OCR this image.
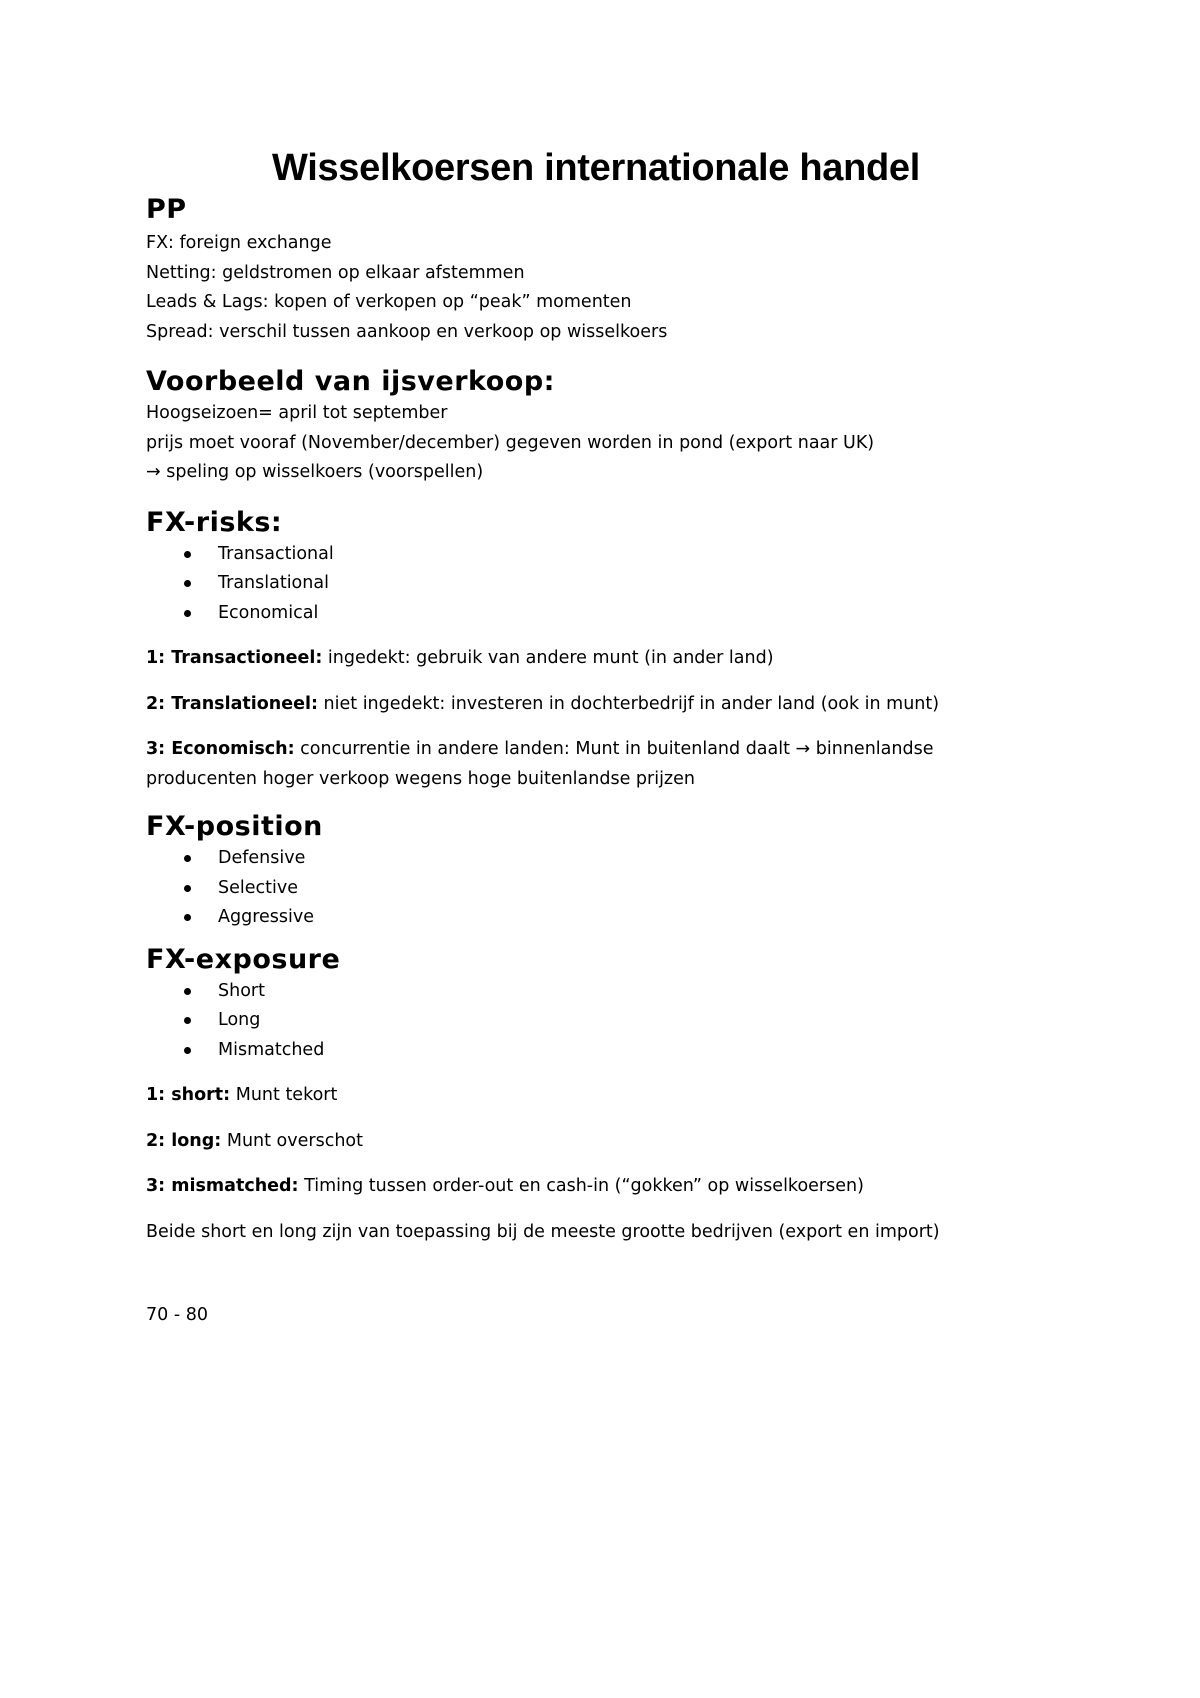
Wisselkoersen internationale handel
PP

FX: foreign exchange

Netting: geldstromen op elkaar afstemmen

Leads & Lags: kopen of verkopen op “peak” momenten

Spread: verschil tussen aankoop en verkoop op wisselkoers

Voorbeeld van ijsverkoop:

Hoogseizoen= april tot september

prijs moet vooraf (November/december) gegeven worden in pond (export naar UK)

→ speling op wisselkoers (voorspellen)

FX-risks:
Transactional
Translational
Economical

1: Transactioneel: ingedekt: gebruik van andere munt (in ander land)

2: Translationeel: niet ingedekt: investeren in dochterbedrijf in ander land (ook in munt)

3: Economisch: concurrentie in andere landen: Munt in buitenland daalt → binnenlandse producenten hoger verkoop wegens hoge buitenlandse prijzen

FX-position
Defensive
Selective
Aggressive
FX-exposure
Short
Long
Mismatched

1: short: Munt tekort

2: long: Munt overschot

3: mismatched: Timing tussen order-out en cash-in (“gokken” op wisselkoersen)

Beide short en long zijn van toepassing bij de meeste grootte bedrijven (export en import)

70 - 80
